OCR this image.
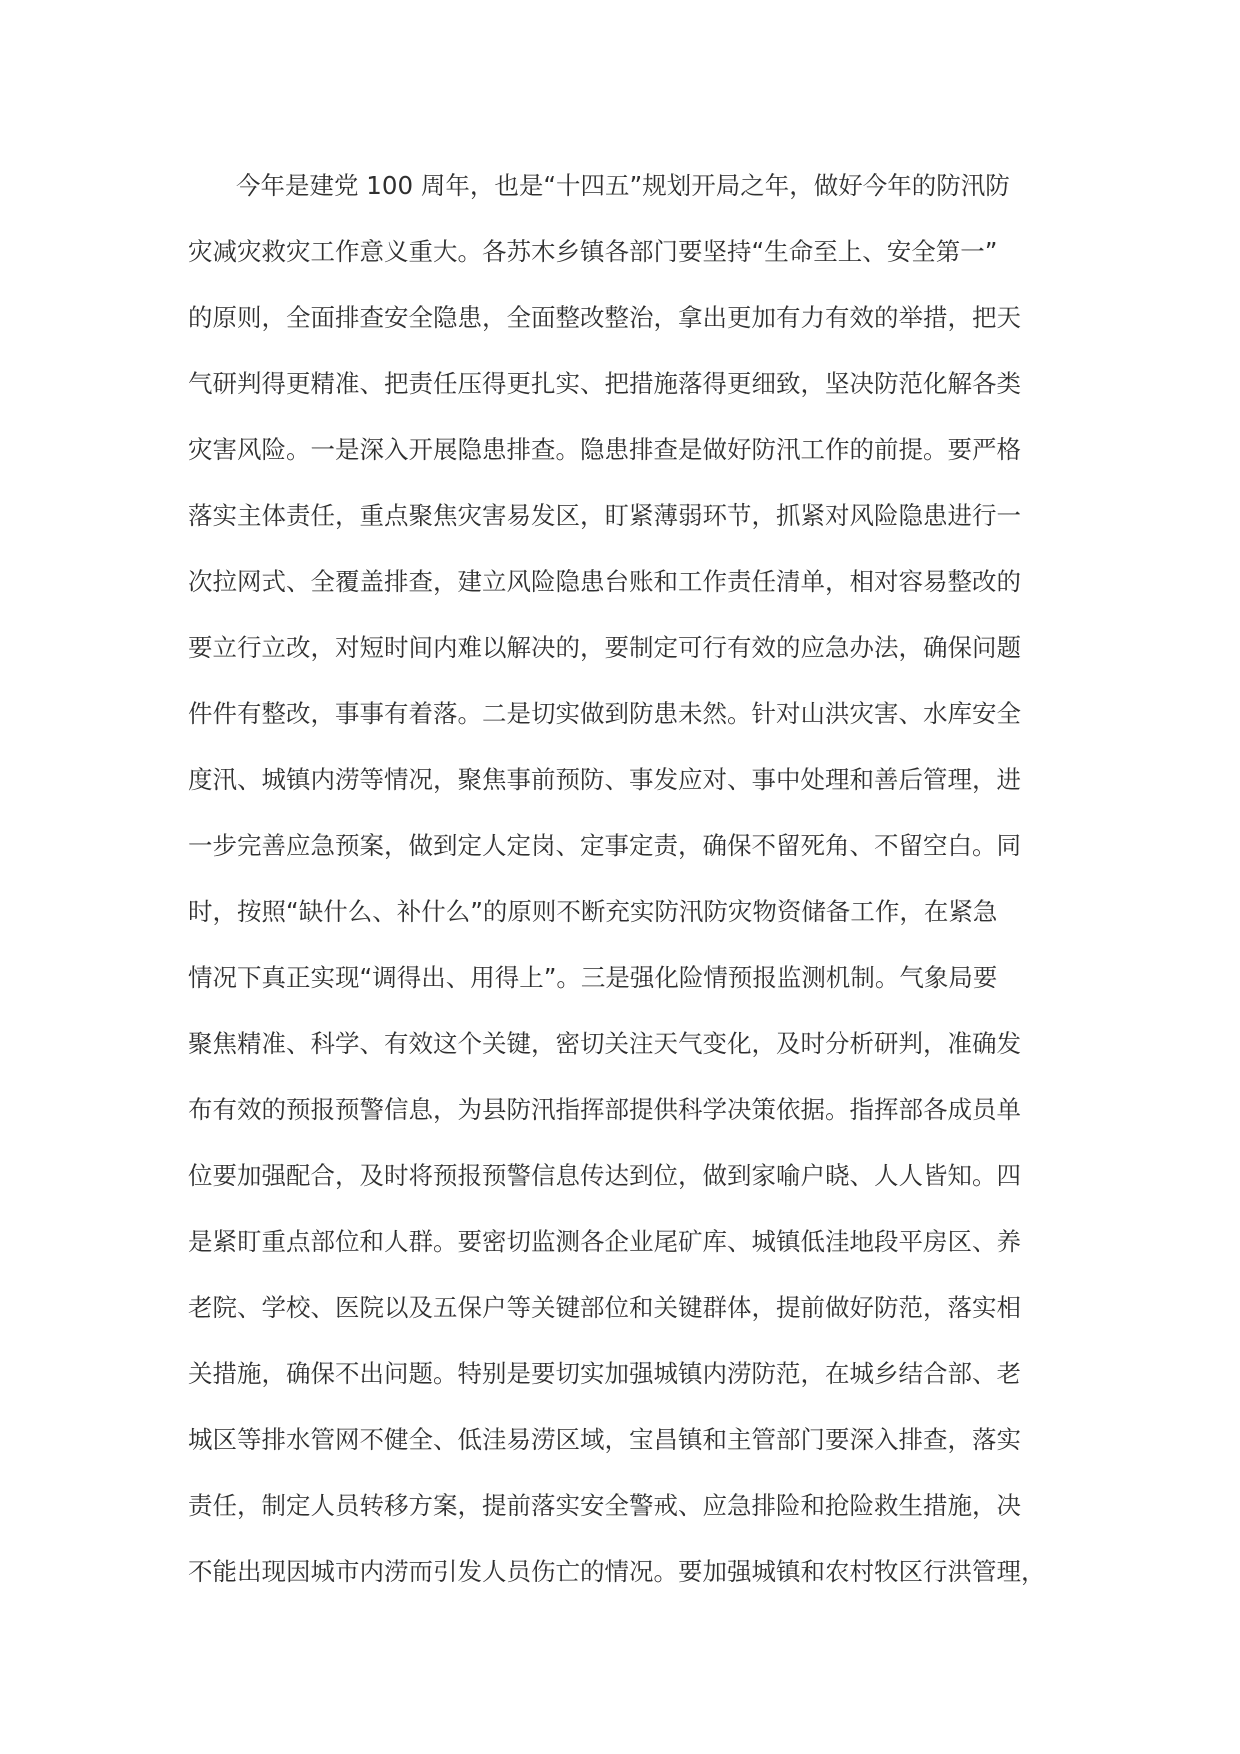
今年是建党 100 周年，也是“十四五”规划开局之年，做好今年的防汛防
灾减灾救灾工作意义重大。各苏木乡镇各部门要坚持“生命至上、安全第一”
的原则，全面排查安全隐患，全面整改整治，拿出更加有力有效的举措，把天
气研判得更精准、把责任压得更扎实、把措施落得更细致，坚决防范化解各类
灾害风险。一是深入开展隐患排查。隐患排查是做好防汛工作的前提。要严格
落实主体责任，重点聚焦灾害易发区，盯紧薄弱环节，抓紧对风险隐患进行一
次拉网式、全覆盖排查，建立风险隐患台账和工作责任清单，相对容易整改的
要立行立改，对短时间内难以解决的，要制定可行有效的应急办法，确保问题
件件有整改，事事有着落。二是切实做到防患未然。针对山洪灾害、水库安全
度汛、城镇内涝等情况，聚焦事前预防、事发应对、事中处理和善后管理，进
一步完善应急预案，做到定人定岗、定事定责，确保不留死角、不留空白。同
时，按照“缺什么、补什么”的原则不断充实防汛防灾物资储备工作，在紧急
情况下真正实现“调得出、用得上”。三是强化险情预报监测机制。气象局要
聚焦精准、科学、有效这个关键，密切关注天气变化，及时分析研判，准确发
布有效的预报预警信息，为县防汛指挥部提供科学决策依据。指挥部各成员单
位要加强配合，及时将预报预警信息传达到位，做到家喻户晓、人人皆知。四
是紧盯重点部位和人群。要密切监测各企业尾矿库、城镇低洼地段平房区、养
老院、学校、医院以及五保户等关键部位和关键群体，提前做好防范，落实相
关措施，确保不出问题。特别是要切实加强城镇内涝防范，在城乡结合部、老
城区等排水管网不健全、低洼易涝区域，宝昌镇和主管部门要深入排查，落实
责任，制定人员转移方案，提前落实安全警戒、应急排险和抢险救生措施，决
不能出现因城市内涝而引发人员伤亡的情况。要加强城镇和农村牧区行洪管理，
